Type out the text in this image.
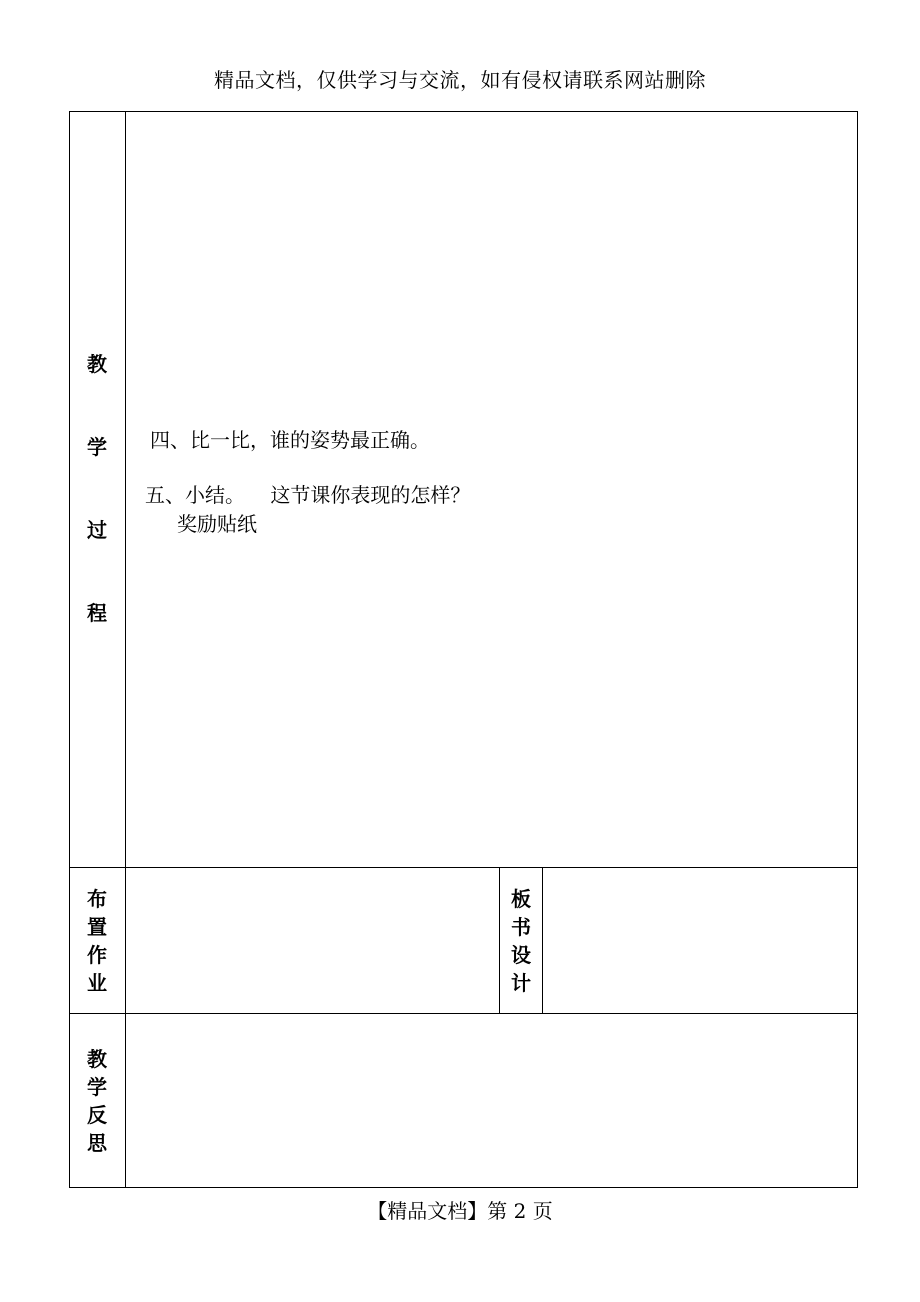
精品文档，仅供学习与交流，如有侵权请联系网站删除
教
学
过
程
四、比一比，谁的姿势最正确。
五、小结。    这节课你表现的怎样？
奖励贴纸
布
置
作
业
板
书
设
计
教
学
反
思
【精品文档】第 2 页
